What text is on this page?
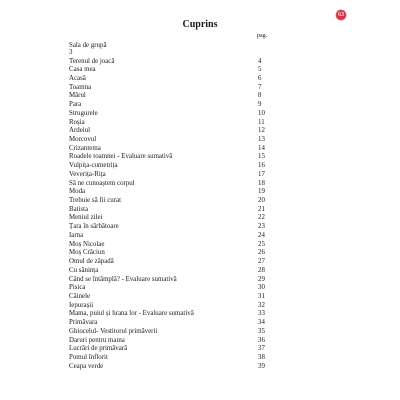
63
Cuprins
pag.
Sala de grupă
3
Terenul de joacă	4
Casa mea	5
Acasă	6
Toamna	7
Mărul	8
Para	9
Strugurele	10
Roșia	11
Ardeiul	12
Morcovul	13
Crizantema	14
Roadele toamnei - Evaluare sumativă	15
Vulpița-cumetrița	16
Veverița-Rița	17
Să ne cunoaștem corpul	18
Moda	19
Trebuie să fii curat	20
Batista	21
Meniul zilei	22
Țara în sărbătoare	23
Iarna	24
Moș Nicolae	25
Moș Crăciun	26
Omul de zăpadă	27
Cu sănința	28
Când se întâmplă? - Evaluare sumativă	29
Pisica	30
Câinele	31
Iepurașii	32
Mama, puiul și hrana lor - Evaluare sumativă	33
Primăvara	34
Ghiocelul- Vestitorul primăverii	35
Daruri pentru mama	36
Lucrări de primăvară	37
Pomul înflorit	38
Ceapa verde	39
